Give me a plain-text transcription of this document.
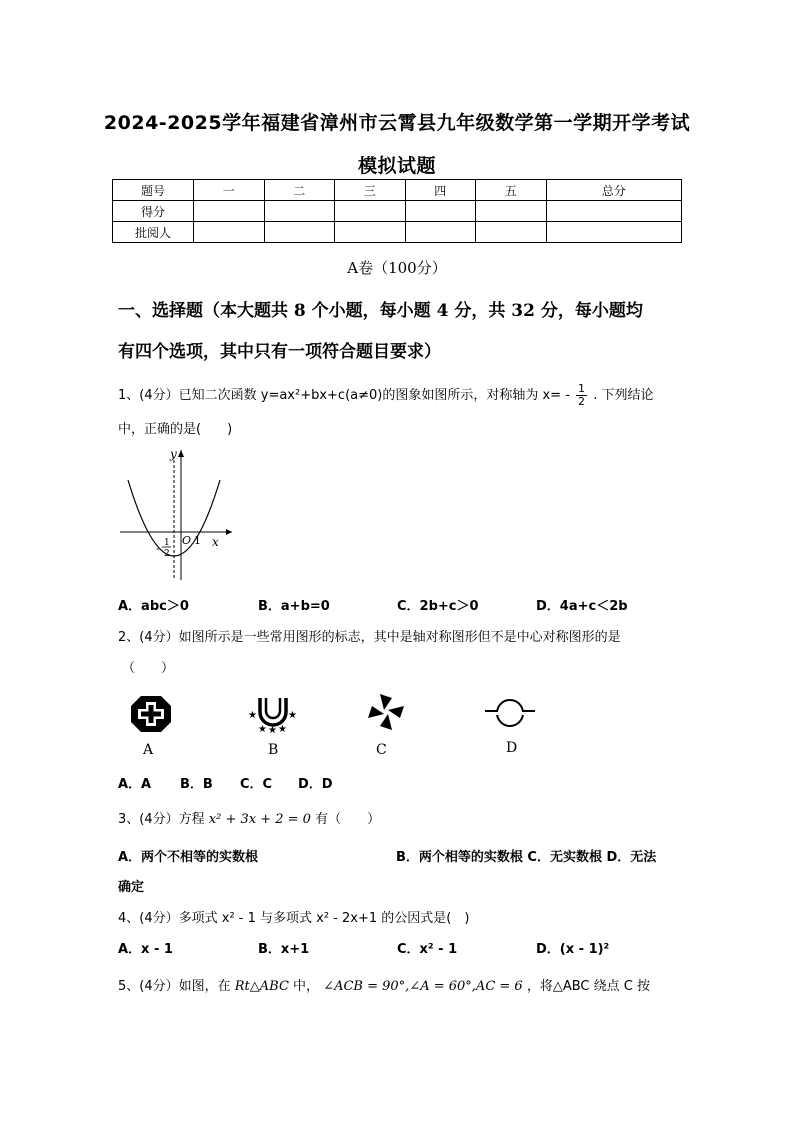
2024-2025学年福建省漳州市云霄县九年级数学第一学期开学考试
模拟试题
题号	一	二	三	四	五	总分
得分						
批阅人						
A卷（100分）
一、选择题（本大题共 8 个小题，每小题 4 分，共 32 分，每小题均
有四个选项，其中只有一项符合题目要求）
1、(4分）已知二次函数 y=ax²+bx+c(a≠0)的图象如图所示，对称轴为 $x= - \frac{1}{2}$ . 下列结论
中，正确的是(　　)
y
x
O 1
-
1
2
A．abc＞0	B．a+b=0	C．2b+c＞0	D．4a+c＜2b
2、(4分）如图所示是一些常用图形的标志，其中是轴对称图形但不是中心对称图形的是
（　　）
A
★	★
★ ★ ★
B	C	D
A．A B．B C．C D．D
3、(4分）方程 x² + 3x + 2 = 0 有（　　）
A．两个不相等的实数根	B．两个相等的实数根 C．无实数根 D．无法
确定
4、(4分）多项式 x² - 1 与多项式 x² - 2x+1 的公因式是(　)
A．x - 1	B．x+1	C．x² - 1	D．(x - 1)²
5、(4分）如图，在 Rt△ABC 中， ∠ACB = 90°,∠A = 60°,AC = 6 ，将△ABC 绕点 C 按
